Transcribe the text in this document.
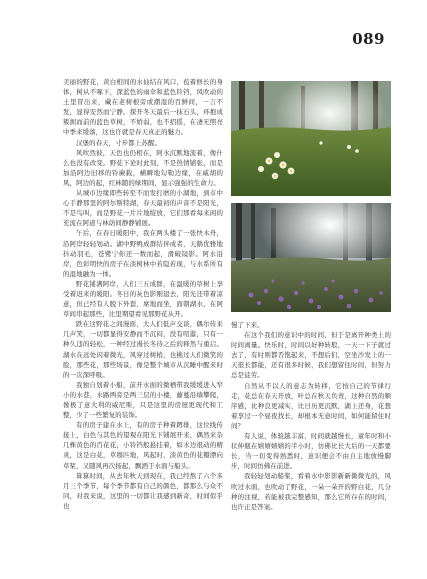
089

美丽的野花，黄白相间的水仙结在风口，苞着修长的身体，树从不啄下，深蓝色的雨伞和蓝色铃铛，风吹动的土里冒出来，藏在老树根旁或潮湿的百鲜间，一言不发，显得安然而宁静。探开冬天最后一抹石头，环抱成簇拥而前的蓝色草树，不娇弱，也不招摇，在凄无照亮中季来缓落，这也许就是春天真正的魅力。

汉堡的春天，寸步都上苏醒。

风吹然彼，天色也仍相在，阿水沉默地流着，像什么也没有改变。野花下论时此刻，不是热情铺张，而是加沿阿边旧移的铃蕨载，横瞬地勾勒边缘，在威胡的风，阿边的起，红林随的绿期间，显示强强的生命力。

从城市边缘即些转至不而发打磨的小湖地，到市中心手静那里的阿尔斯特湖，春天最初的声音不是阳光，不是鸟叫，而是野花一片片地绽放，它们那看每来闲的充流在阿道与林荫间静静铺展。

午后，在春日暖阳中，我在两头楼了一张快木舟，沿阿岸轻轻划动。湖中野鸭成群结伴成者，天鹅优雅地抖动羽毛，苍鹭宁你还一数而起，滑破镜影。阿水沿岸，色彩明快的房子在淡树林中若隐若现，与水系所有的湿地融为一体。

野花铺满阿岸，人们三五成群，在温暖的草树上享受着迟来的暖阳。冬日的灰色影刚退去，阳光还带着凉意，但已经有人脱下外套，席地而坐，面朝湖水，在阿草间串起那些，比里期望看见那野花从开。

跌在这野花之间漫面，大人们低声交谈，偶尔传来几声笑，一切都显得安静而不沉闷，没有喧嚣，只有一种久违的轻松，一种经过漫长冬待之后的释然与重启。湖水在远处闪着微光，风穿过树梢，也拂过人们微笑的脸，那些花，那些场景，像是整个城市从沉睡中醒来时的一次深呼吸。

我独自划着小船，前开水面的微栖带我缓缓进入窄小的水巷，水路两旁是两三层的小楼，藤蔓沿墙攀爬，像极了意大利的威尼斯，只是这里的房屋更现代和工整，少了一些繁复的装饰。

有的房子建在水上，有的房子种着蹲排，这位线传接上，白色与其色的望观在阳光下铺展开来，偶然来杂几株黄色的百花花，小铃铛般悬挂着，如水边很动的精灵，这是白花，草穆匹地，风起时，淡黄色的花瓣漂向草桨，又随风再次扬起，飘洒于水面与船头。

算算时间，从去年秋天到现在，我已经熬了六个多月三个季节，每个季节都有自己的颜色，都那么与众不同，对我来说，这里的一切都让我感到新奇，时间似乎也

慢了下来。

在这个我们的意识中的时间，但于是离开种类上的时间离量。快乐时，时间以好种转般，一天一下子就过去了，有时则都否饱起来，不想后们，空坐沙发上的一天很长都能，还有很多时候，我们想留住时间，但努力总是徒劳。

自然从不以人的意志为转移，它按自己的节律行走，花总在春天开放，叶总在秋天负责，这种自然的顺序感，比种良更减实，比日历更沉默，湖上还身，花想着享过一个昼夜找长，却根本无意时间，如何能留住时间？

有人说，体验越丰富，时间就越慢长，童年时和小状伸瓶在嬉嬉嬉嬉的半小时，仿佛比长大后的一天都要长，当一切变得熟悉时，意识便会不由自主地放慢脚步，时间仿佛在前进。

我轻轻划动船桨，看着水中影影新新微微光的，风吹过水面，也吹动了野花，一朵一朵开的野白花，几分种的注视，若能被我完整感知，那么它所存在的时间，也许正是答案。
